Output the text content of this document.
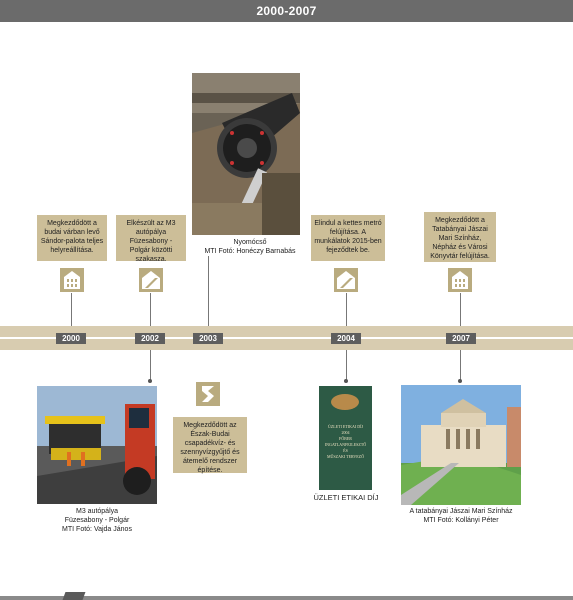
2000-2007
Nyomócső
MTI Fotó: Honéczy Barnabás
Megkezdődött a budai várban levő Sándor-palota teljes helyreállítása.
Elkészült az M3 autópálya Füzesabony - Polgár közötti szakasza.
Elindul a kettes metró felújítása. A munkálatok 2015-ben fejeződtek be.
Megkezdődött a Tatabányai Jászai Mari Színház, Népház és Városi Könyvtár felújítása.
2000	2002	2003	2004	2007
Megkezdődött az Észak-Budai csapadékvíz- és szennyvízgyűjtő és átemelő rendszer építése.
M3 autópálya
Füzesabony - Polgár
MTI Fotó: Vajda János
ÜZLETI ETIKAI DÍJ
2004
FŐBER
INGATLANFEJLESZTŐ
ÉS
MŰSZAKI TERVEZŐ
ÜZLETI ETIKAI DÍJ
A tatabányai Jászai Mari Színház
MTI Fotó: Kollányi Péter
